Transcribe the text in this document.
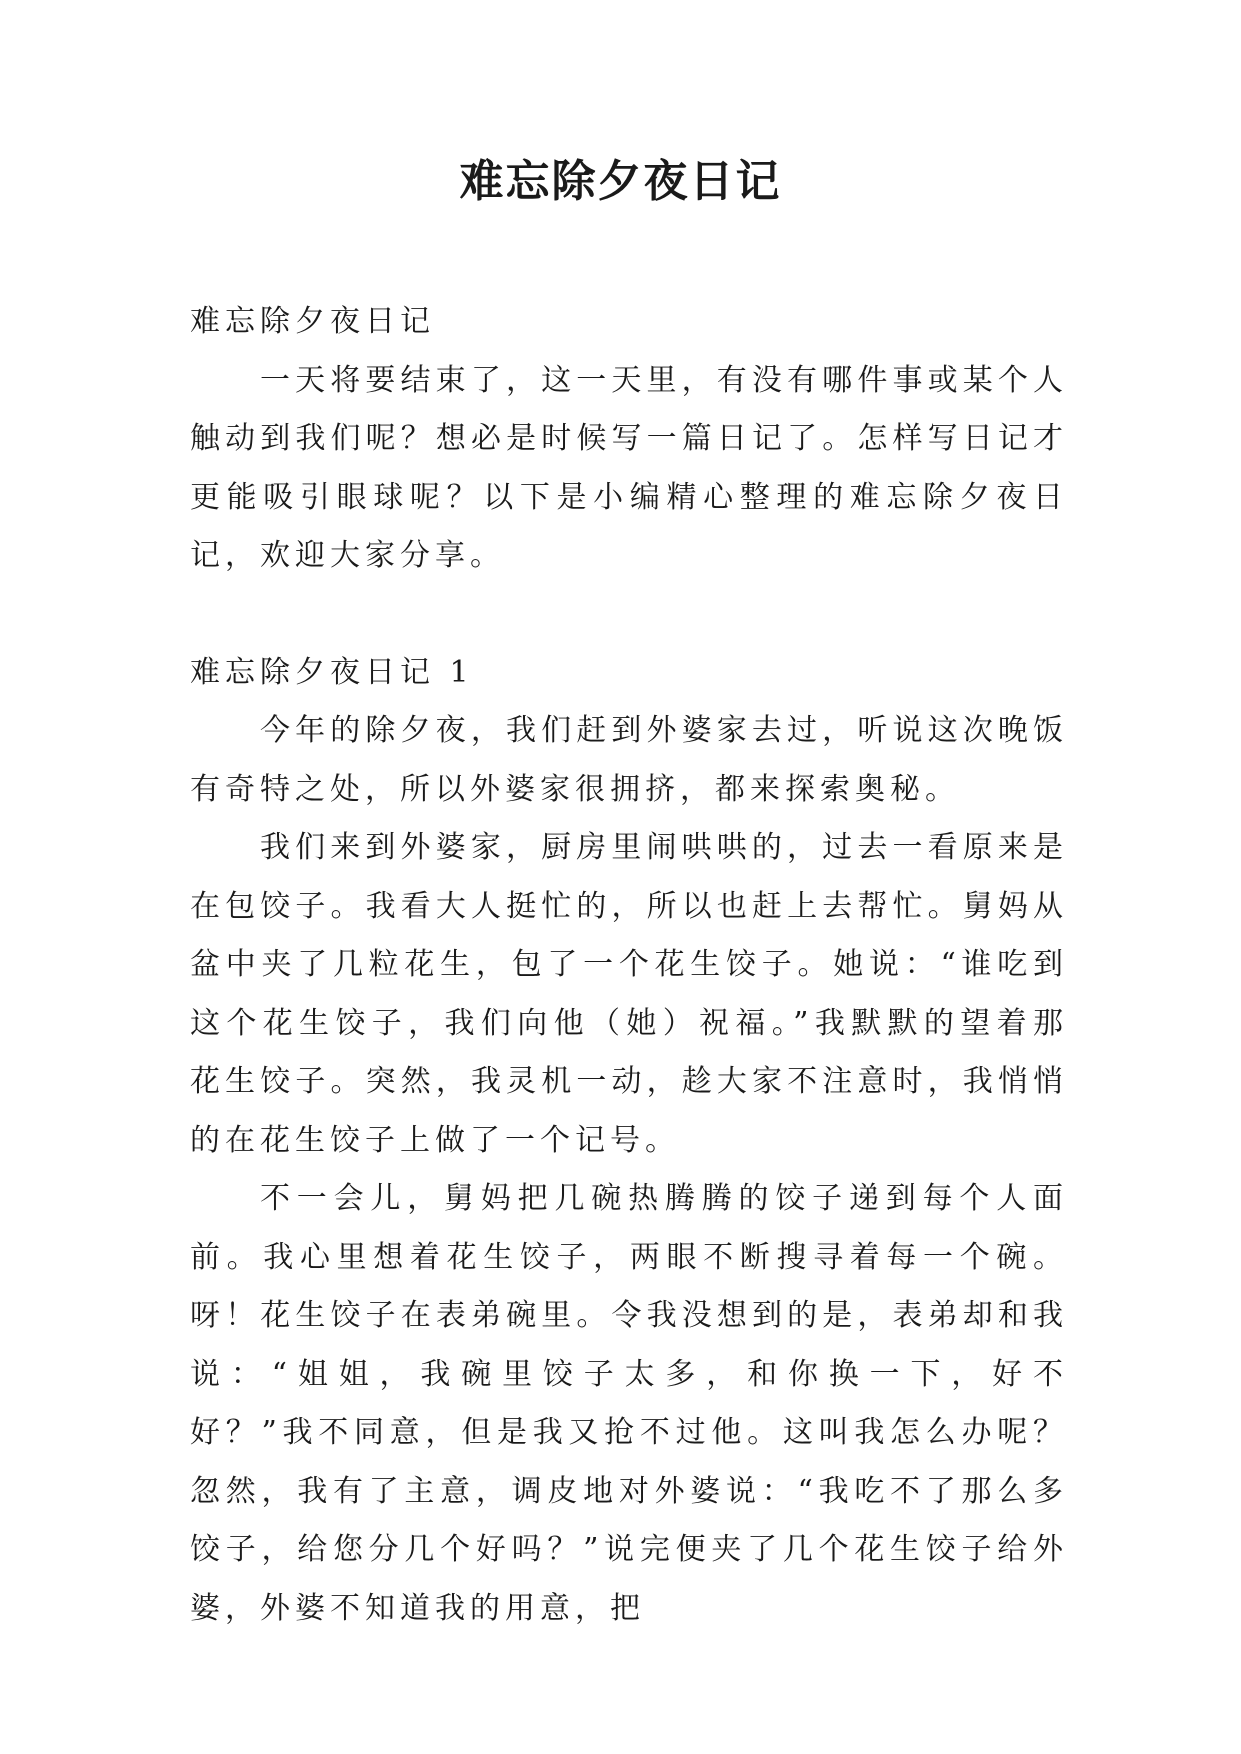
难忘除夕夜日记

难忘除夕夜日记

一天将要结束了，这一天里，有没有哪件事或某个人触动到我们呢？想必是时候写一篇日记了。怎样写日记才更能吸引眼球呢？以下是小编精心整理的难忘除夕夜日记，欢迎大家分享。

难忘除夕夜日记 1

今年的除夕夜，我们赶到外婆家去过，听说这次晚饭有奇特之处，所以外婆家很拥挤，都来探索奥秘。

我们来到外婆家，厨房里闹哄哄的，过去一看原来是在包饺子。我看大人挺忙的，所以也赶上去帮忙。舅妈从盆中夹了几粒花生，包了一个花生饺子。她说：“谁吃到这个花生饺子，我们向他（她）祝福。”我默默的望着那花生饺子。突然，我灵机一动，趁大家不注意时，我悄悄的在花生饺子上做了一个记号。

不一会儿，舅妈把几碗热腾腾的饺子递到每个人面前。我心里想着花生饺子，两眼不断搜寻着每一个碗。呀！花生饺子在表弟碗里。令我没想到的是，表弟却和我说：“姐姐，我碗里饺子太多，和你换一下，好不好？”我不同意，但是我又抢不过他。这叫我怎么办呢？忽然，我有了主意，调皮地对外婆说：“我吃不了那么多饺子，给您分几个好吗？”说完便夹了几个花生饺子给外婆，外婆不知道我的用意，把
